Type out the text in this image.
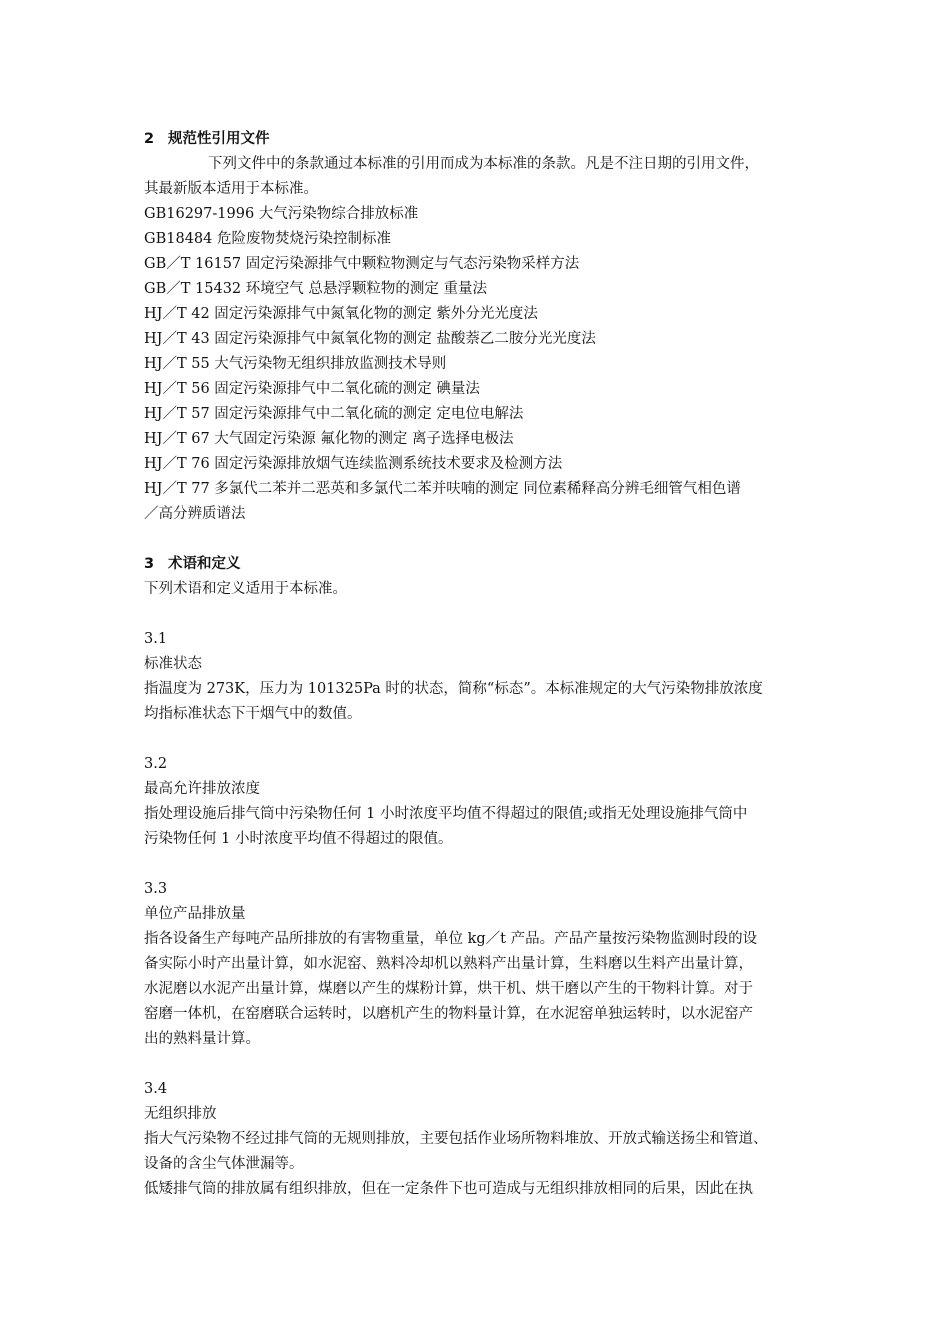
2 规范性引用文件
下列文件中的条款通过本标准的引用而成为本标准的条款。凡是不注日期的引用文件，
其最新版本适用于本标准。
GB16297-1996 大气污染物综合排放标准
GB18484 危险废物焚烧污染控制标准
GB／T 16157 固定污染源排气中颗粒物测定与气态污染物采样方法
GB／T 15432 环境空气 总悬浮颗粒物的测定 重量法
HJ／T 42 固定污染源排气中氮氧化物的测定 紫外分光光度法
HJ／T 43 固定污染源排气中氮氧化物的测定 盐酸萘乙二胺分光光度法
HJ／T 55 大气污染物无组织排放监测技术导则
HJ／T 56 固定污染源排气中二氧化硫的测定 碘量法
HJ／T 57 固定污染源排气中二氧化硫的测定 定电位电解法
HJ／T 67 大气固定污染源 氟化物的测定 离子选择电极法
HJ／T 76 固定污染源排放烟气连续监测系统技术要求及检测方法
HJ／T 77 多氯代二苯并二恶英和多氯代二苯并呋喃的测定 同位素稀释高分辨毛细管气相色谱
／高分辨质谱法
3 术语和定义
下列术语和定义适用于本标准。
3.1
标准状态
指温度为 273K，压力为 101325Pa 时的状态，简称“标态”。本标准规定的大气污染物排放浓度
均指标准状态下干烟气中的数值。
3.2
最高允许排放浓度
指处理设施后排气筒中污染物任何 1 小时浓度平均值不得超过的限值;或指无处理设施排气筒中
污染物任何 1 小时浓度平均值不得超过的限值。
3.3
单位产品排放量
指各设备生产每吨产品所排放的有害物重量，单位 kg／t 产品。产品产量按污染物监测时段的设
备实际小时产出量计算，如水泥窑、熟料冷却机以熟料产出量计算，生料磨以生料产出量计算，
水泥磨以水泥产出量计算，煤磨以产生的煤粉计算，烘干机、烘干磨以产生的干物料计算。对于
窑磨一体机，在窑磨联合运转时，以磨机产生的物料量计算，在水泥窑单独运转时，以水泥窑产
出的熟料量计算。
3.4
无组织排放
指大气污染物不经过排气筒的无规则排放，主要包括作业场所物料堆放、开放式输送扬尘和管道、
设备的含尘气体泄漏等。
低矮排气筒的排放属有组织排放，但在一定条件下也可造成与无组织排放相同的后果，因此在执
